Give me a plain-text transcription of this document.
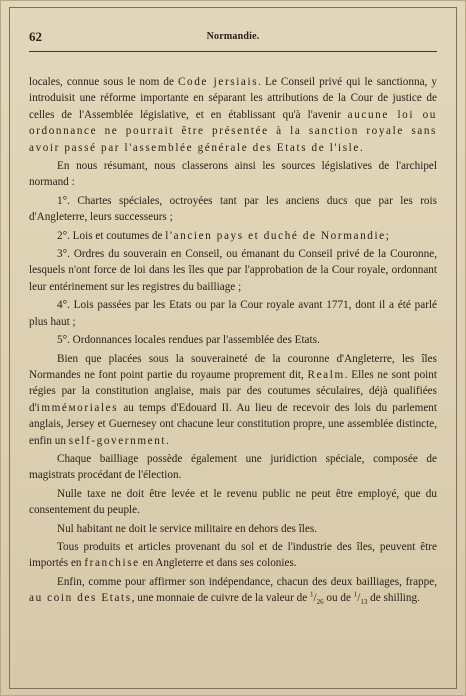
62	Normandie.

locales, connue sous le nom de Code jersiais. Le Conseil privé qui le sanctionna, y introduisit une réforme importante en séparant les attributions de la Cour de justice de celles de l'Assemblée législative, et en établissant qu'à l'avenir aucune loi ou ordonnance ne pourrait être présentée à la sanction royale sans avoir passé par l'assemblée générale des Etats de l'isle.

En nous résumant, nous classerons ainsi les sources législatives de l'archipel normand :

1°. Chartes spéciales, octroyées tant par les anciens ducs que par les rois d'Angleterre, leurs successeurs ;

2°. Lois et coutumes de l'ancien pays et duché de Normandie;

3°. Ordres du souverain en Conseil, ou émanant du Conseil privé de la Couronne, lesquels n'ont force de loi dans les îles que par l'approbation de la Cour royale, ordonnant leur entérinement sur les registres du bailliage ;

4°. Lois passées par les Etats ou par la Cour royale avant 1771, dont il a été parlé plus haut ;

5°. Ordonnances locales rendues par l'assemblée des Etats.

Bien que placées sous la souveraineté de la couronne d'Angleterre, les îles Normandes ne font point partie du royaume proprement dit, Realm. Elles ne sont point régies par la constitution anglaise, mais par des coutumes séculaires, déjà qualifiées d'imméмoriales au temps d'Edouard II. Au lieu de recevoir des lois du parlement anglais, Jersey et Guernesey ont chacune leur constitution propre, une assemblée distincte, enfin un self-government.

Chaque bailliage possède également une juridiction spéciale, composée de magistrats procédant de l'élection.

Nulle taxe ne doit être levée et le revenu public ne peut être employé, que du consentement du peuple.

Nul habitant ne doit le service militaire en dehors des îles.

Tous produits et articles provenant du sol et de l'industrie des îles, peuvent être importés en franchise en Angleterre et dans ses colonies.

Enfin, comme pour affirmer son indépendance, chacun des deux bailliages, frappe, au coin des Etats, une monnaie de cuivre de la valeur de $^1/_{26}$ ou de $^1/_{13}$ de shilling.
